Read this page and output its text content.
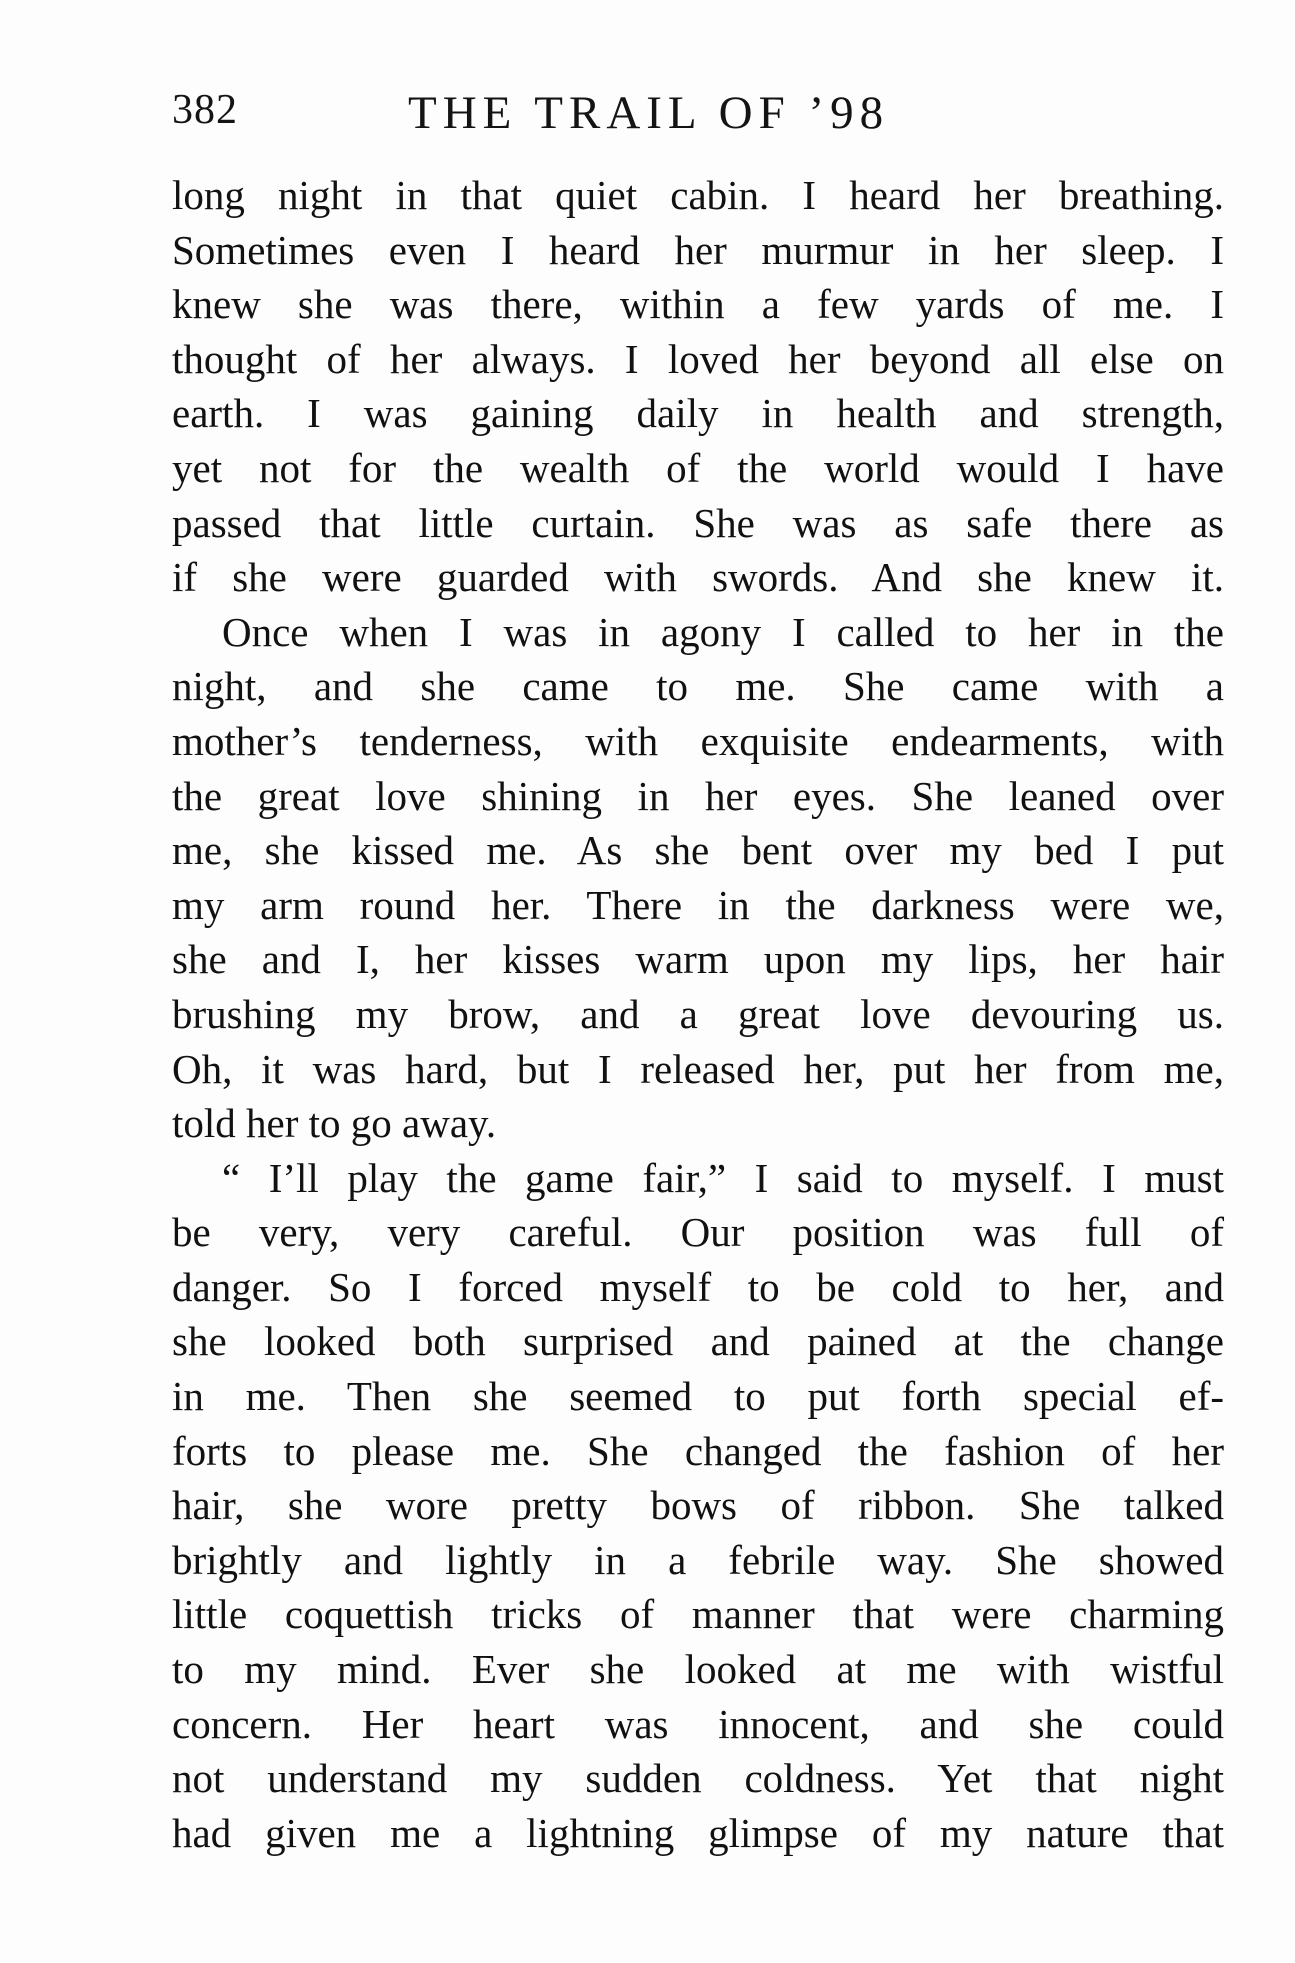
382	THE TRAIL OF ’98
long night in that quiet cabin. I heard her breathing.
Sometimes even I heard her murmur in her sleep. I
knew she was there, within a few yards of me. I
thought of her always. I loved her beyond all else on
earth. I was gaining daily in health and strength,
yet not for the wealth of the world would I have
passed that little curtain. She was as safe there as
if she were guarded with swords. And she knew it.
Once when I was in agony I called to her in the
night, and she came to me. She came with a
mother’s tenderness, with exquisite endearments, with
the great love shining in her eyes. She leaned over
me, she kissed me. As she bent over my bed I put
my arm round her. There in the darkness were we,
she and I, her kisses warm upon my lips, her hair
brushing my brow, and a great love devouring us.
Oh, it was hard, but I released her, put her from me,
told her to go away.
“ I’ll play the game fair,” I said to myself. I must
be very, very careful. Our position was full of
danger. So I forced myself to be cold to her, and
she looked both surprised and pained at the change
in me. Then she seemed to put forth special ef-
forts to please me. She changed the fashion of her
hair, she wore pretty bows of ribbon. She talked
brightly and lightly in a febrile way. She showed
little coquettish tricks of manner that were charming
to my mind. Ever she looked at me with wistful
concern. Her heart was innocent, and she could
not understand my sudden coldness. Yet that night
had given me a lightning glimpse of my nature that
